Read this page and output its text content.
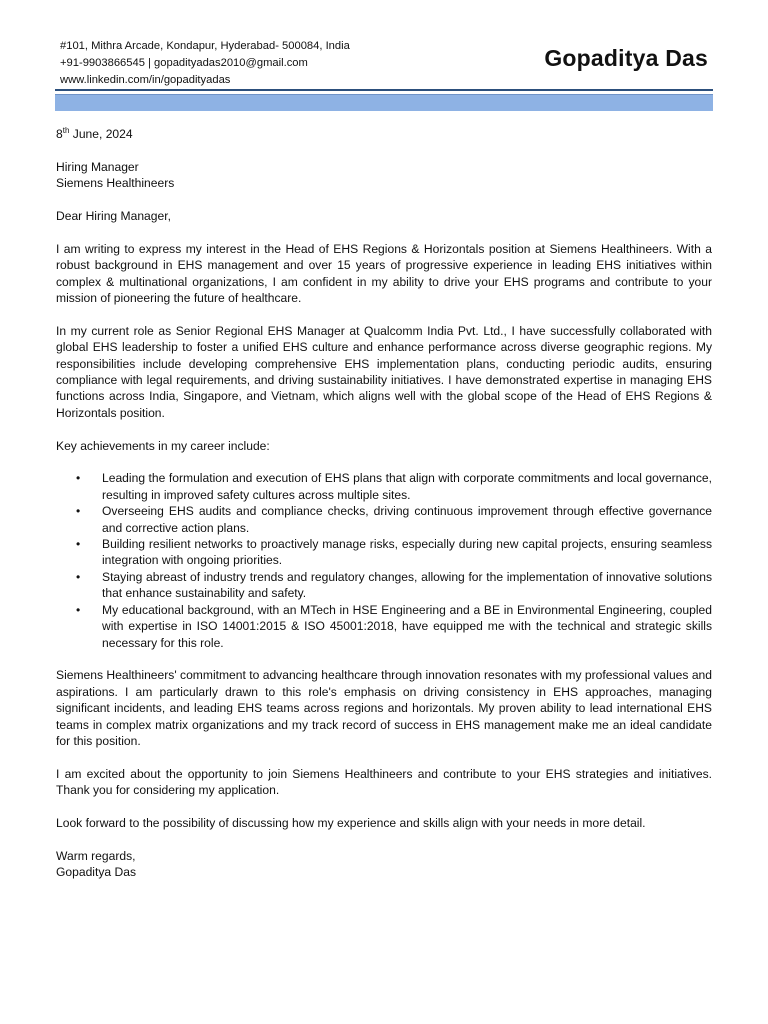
#101, Mithra Arcade, Kondapur, Hyderabad- 500084, India
+91-9903866545 | gopadityadas2010@gmail.com
www.linkedin.com/in/gopadityadas
Gopaditya Das

8th June, 2024

Hiring Manager
Siemens Healthineers

Dear Hiring Manager,

I am writing to express my interest in the Head of EHS Regions & Horizontals position at Siemens Healthineers. With a robust background in EHS management and over 15 years of progressive experience in leading EHS initiatives within complex & multinational organizations, I am confident in my ability to drive your EHS programs and contribute to your mission of pioneering the future of healthcare.

In my current role as Senior Regional EHS Manager at Qualcomm India Pvt. Ltd., I have successfully collaborated with global EHS leadership to foster a unified EHS culture and enhance performance across diverse geographic regions. My responsibilities include developing comprehensive EHS implementation plans, conducting periodic audits, ensuring compliance with legal requirements, and driving sustainability initiatives. I have demonstrated expertise in managing EHS functions across India, Singapore, and Vietnam, which aligns well with the global scope of the Head of EHS Regions & Horizontals position.

Key achievements in my career include:

• Leading the formulation and execution of EHS plans that align with corporate commitments and local governance, resulting in improved safety cultures across multiple sites.
• Overseeing EHS audits and compliance checks, driving continuous improvement through effective governance and corrective action plans.
• Building resilient networks to proactively manage risks, especially during new capital projects, ensuring seamless integration with ongoing priorities.
• Staying abreast of industry trends and regulatory changes, allowing for the implementation of innovative solutions that enhance sustainability and safety.
• My educational background, with an MTech in HSE Engineering and a BE in Environmental Engineering, coupled with expertise in ISO 14001:2015 & ISO 45001:2018, have equipped me with the technical and strategic skills necessary for this role.

Siemens Healthineers' commitment to advancing healthcare through innovation resonates with my professional values and aspirations. I am particularly drawn to this role's emphasis on driving consistency in EHS approaches, managing significant incidents, and leading EHS teams across regions and horizontals. My proven ability to lead international EHS teams in complex matrix organizations and my track record of success in EHS management make me an ideal candidate for this position.

I am excited about the opportunity to join Siemens Healthineers and contribute to your EHS strategies and initiatives. Thank you for considering my application.

Look forward to the possibility of discussing how my experience and skills align with your needs in more detail.

Warm regards,
Gopaditya Das
